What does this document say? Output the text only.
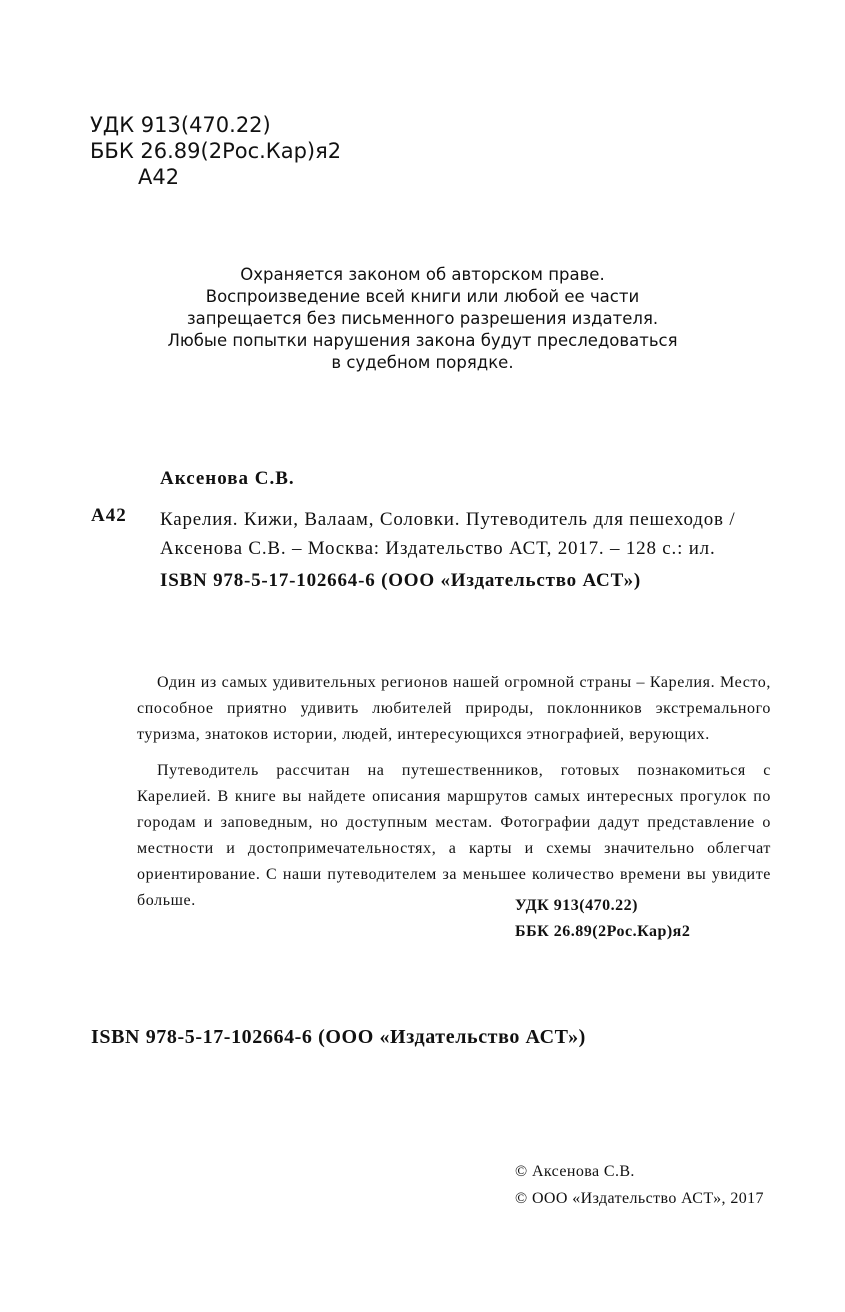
УДК 913(470.22)
ББК 26.89(2Рос.Кар)я2
А42
Охраняется законом об авторском праве.
Воспроизведение всей книги или любой ее части
запрещается без письменного разрешения издателя.
Любые попытки нарушения закона будут преследоваться
в судебном порядке.
Аксенова С.В.
А42 Карелия. Кижи, Валаам, Соловки. Путеводитель для пешеходов /
Аксенова С.В. – Москва: Издательство АСТ, 2017. – 128 с.: ил.
ISBN 978-5-17-102664-6 (ООО «Издательство АСТ»)

Один из самых удивительных регионов нашей огромной страны – Карелия. Место, способное приятно удивить любителей природы, поклонников экстремального туризма, знатоков истории, людей, интересующихся этнографией, верующих.

Путеводитель рассчитан на путешественников, готовых познакомиться с Карелией. В книге вы найдете описания маршрутов самых интересных прогулок по городам и заповедным, но доступным местам. Фотографии дадут представление о местности и достопримечательностях, а карты и схемы значительно облегчат ориентирование. С наши путеводителем за меньшее количество времени вы увидите больше.	УДК 913(470.22)
ББК 26.89(2Рос.Кар)я2
ISBN 978-5-17-102664-6 (ООО «Издательство АСТ»)
© Аксенова С.В.
© ООО «Издательство АСТ», 2017
